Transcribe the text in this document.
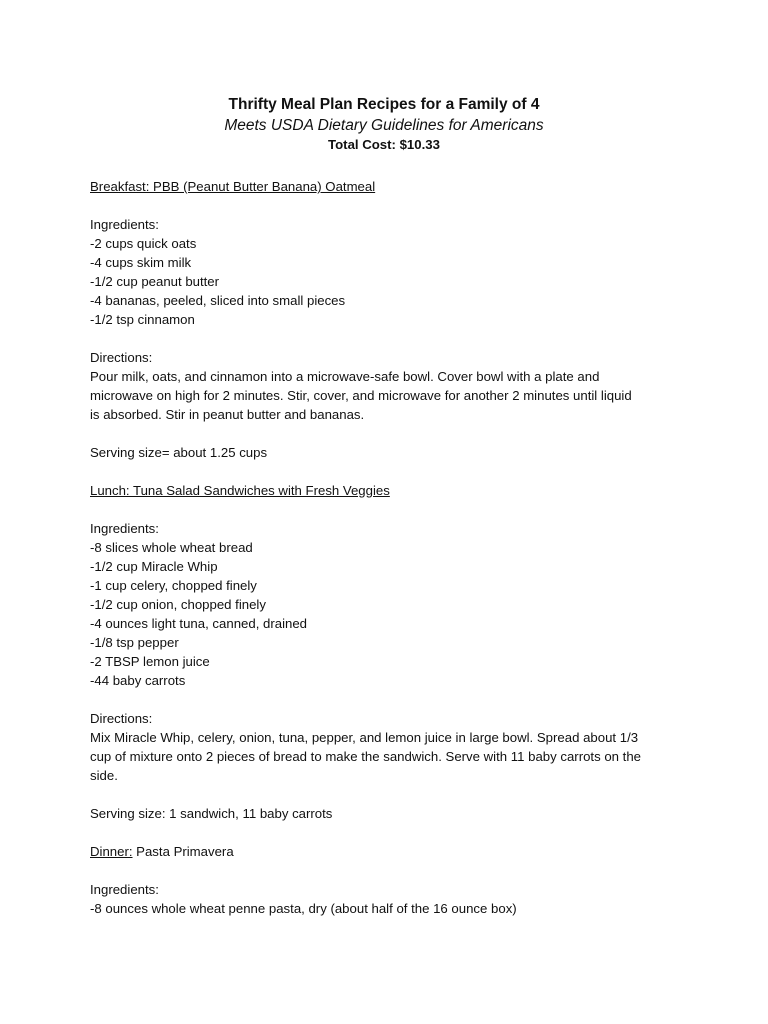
Thrifty Meal Plan Recipes for a Family of 4

Meets USDA Dietary Guidelines for Americans

Total Cost: $10.33

Breakfast: PBB (Peanut Butter Banana) Oatmeal
Ingredients:
-2 cups quick oats
-4 cups skim milk
-1/2 cup peanut butter
-4 bananas, peeled, sliced into small pieces
-1/2 tsp cinnamon
Directions:
Pour milk, oats, and cinnamon into a microwave-safe bowl. Cover bowl with a plate and
microwave on high for 2 minutes. Stir, cover, and microwave for another 2 minutes until liquid
is absorbed. Stir in peanut butter and bananas.
Serving size= about 1.25 cups
Lunch: Tuna Salad Sandwiches with Fresh Veggies
Ingredients:
-8 slices whole wheat bread
-1/2 cup Miracle Whip
-1 cup celery, chopped finely
-1/2 cup onion, chopped finely
-4 ounces light tuna, canned, drained
-1/8 tsp pepper
-2 TBSP lemon juice
-44 baby carrots
Directions:
Mix Miracle Whip, celery, onion, tuna, pepper, and lemon juice in large bowl. Spread about 1/3
cup of mixture onto 2 pieces of bread to make the sandwich. Serve with 11 baby carrots on the
side.
Serving size: 1 sandwich, 11 baby carrots
Dinner: Pasta Primavera
Ingredients:
-8 ounces whole wheat penne pasta, dry (about half of the 16 ounce box)
